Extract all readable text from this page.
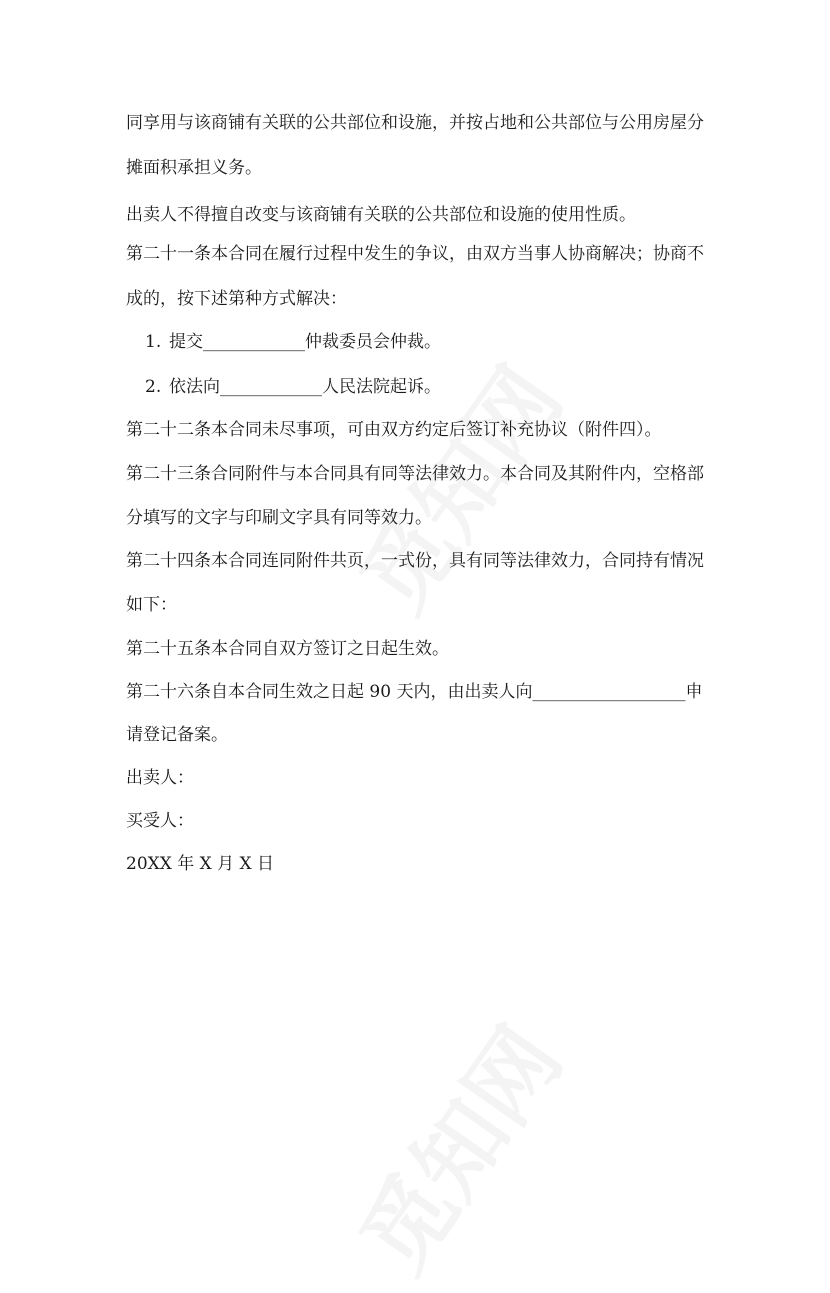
同享用与该商铺有关联的公共部位和设施，并按占地和公共部位与公用房屋分
摊面积承担义务。
出卖人不得擅自改变与该商铺有关联的公共部位和设施的使用性质。
第二十一条本合同在履行过程中发生的争议，由双方当事人协商解决；协商不
成的，按下述第种方式解决：
1. 提交____________仲裁委员会仲裁。
2. 依法向____________人民法院起诉。
第二十二条本合同未尽事项，可由双方约定后签订补充协议（附件四）。
第二十三条合同附件与本合同具有同等法律效力。本合同及其附件内，空格部
分填写的文字与印刷文字具有同等效力。
第二十四条本合同连同附件共页，一式份，具有同等法律效力，合同持有情况
如下：
第二十五条本合同自双方签订之日起生效。
第二十六条自本合同生效之日起 90 天内，由出卖人向__________________申
请登记备案。
出卖人：
买受人：
20XX 年 X 月 X 日
